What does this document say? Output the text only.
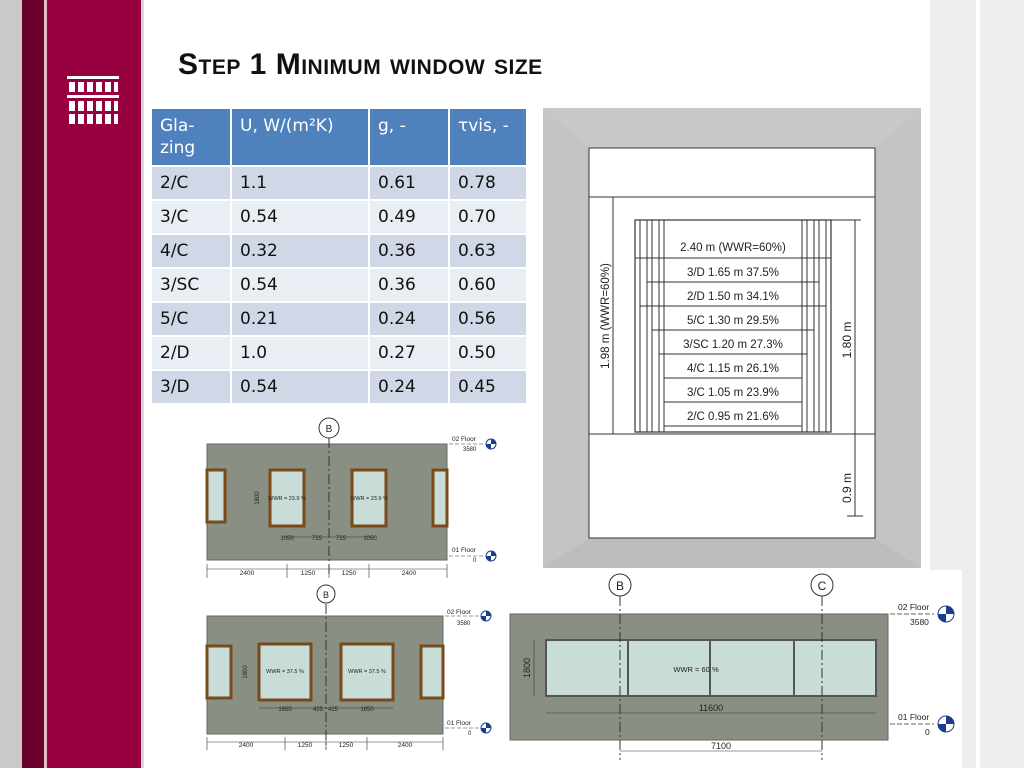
Step 1 Minimum window size
Gla-zing	U, W/(m²K)	g, -	τvis, -
2/C	1.1	0.61	0.78
3/C	0.54	0.49	0.70
4/C	0.32	0.36	0.63
3/SC	0.54	0.36	0.60
5/C	0.21	0.24	0.56
2/D	1.0	0.27	0.50
3/D	0.54	0.24	0.45
2.40 m (WWR=60%)
3/D 1.65 m 37.5%
2/D 1.50 m 34.1%
5/C 1.30 m 29.5%
3/SC 1.20 m 27.3%
4/C 1.15 m 26.1%
3/C 1.05 m 23.9%
2/C 0.95 m 21.6%
1.98 m (WWR=60%)	1.80 m
0.9 m
B
WWR = 23.9 %	WWR = 23.9 %
1800
1050	725 725	1050
2400	1250	1250	2400
02 Floor
3580
01 Floor
0
B
WWR = 37.5 %	WWR = 37.5 %
1800
1650	425 425	1650
2400	1250	1250	2400
02 Floor
3580
01 Floor
0
B	C
WWR = 60 %
1800
11600
7100
02 Floor
3580
01 Floor
0
